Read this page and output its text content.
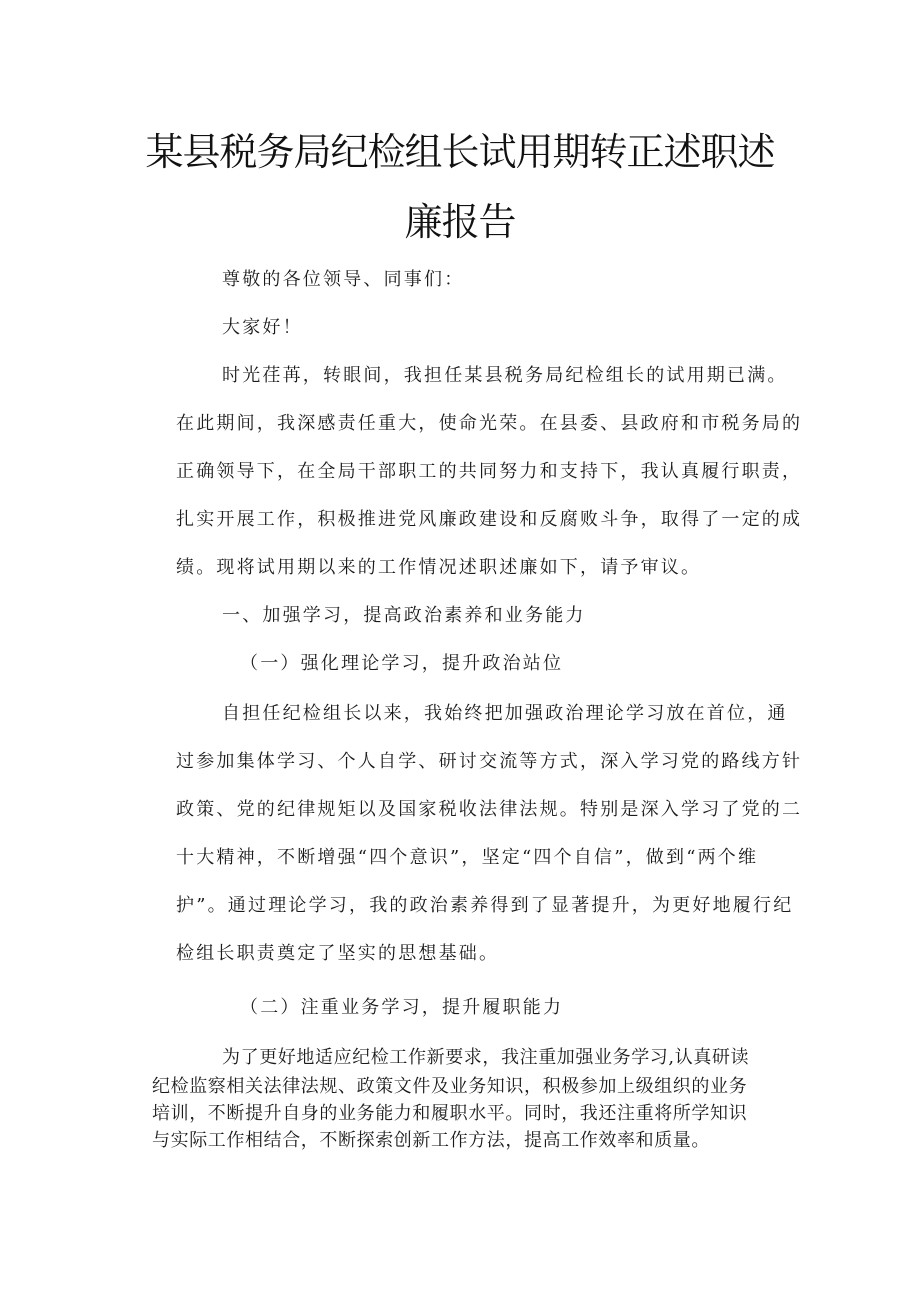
某县税务局纪检组长试用期转正述职述
廉报告
尊敬的各位领导、同事们：
大家好！
时光荏苒，转眼间，我担任某县税务局纪检组长的试用期已满。
在此期间，我深感责任重大，使命光荣。在县委、县政府和市税务局的
正确领导下，在全局干部职工的共同努力和支持下，我认真履行职责，
扎实开展工作，积极推进党风廉政建设和反腐败斗争，取得了一定的成
绩。现将试用期以来的工作情况述职述廉如下，请予审议。
一、加强学习，提高政治素养和业务能力
（一）强化理论学习，提升政治站位
自担任纪检组长以来，我始终把加强政治理论学习放在首位，通
过参加集体学习、个人自学、研讨交流等方式，深入学习党的路线方针
政策、党的纪律规矩以及国家税收法律法规。特别是深入学习了党的二
十大精神，不断增强“四个意识”，坚定“四个自信”，做到“两个维
护”。通过理论学习，我的政治素养得到了显著提升，为更好地履行纪
检组长职责奠定了坚实的思想基础。
（二）注重业务学习，提升履职能力
为了更好地适应纪检工作新要求，我注重加强业务学习,认真研读
纪检监察相关法律法规、政策文件及业务知识，积极参加上级组织的业务
培训，不断提升自身的业务能力和履职水平。同时，我还注重将所学知识
与实际工作相结合，不断探索创新工作方法，提高工作效率和质量。
